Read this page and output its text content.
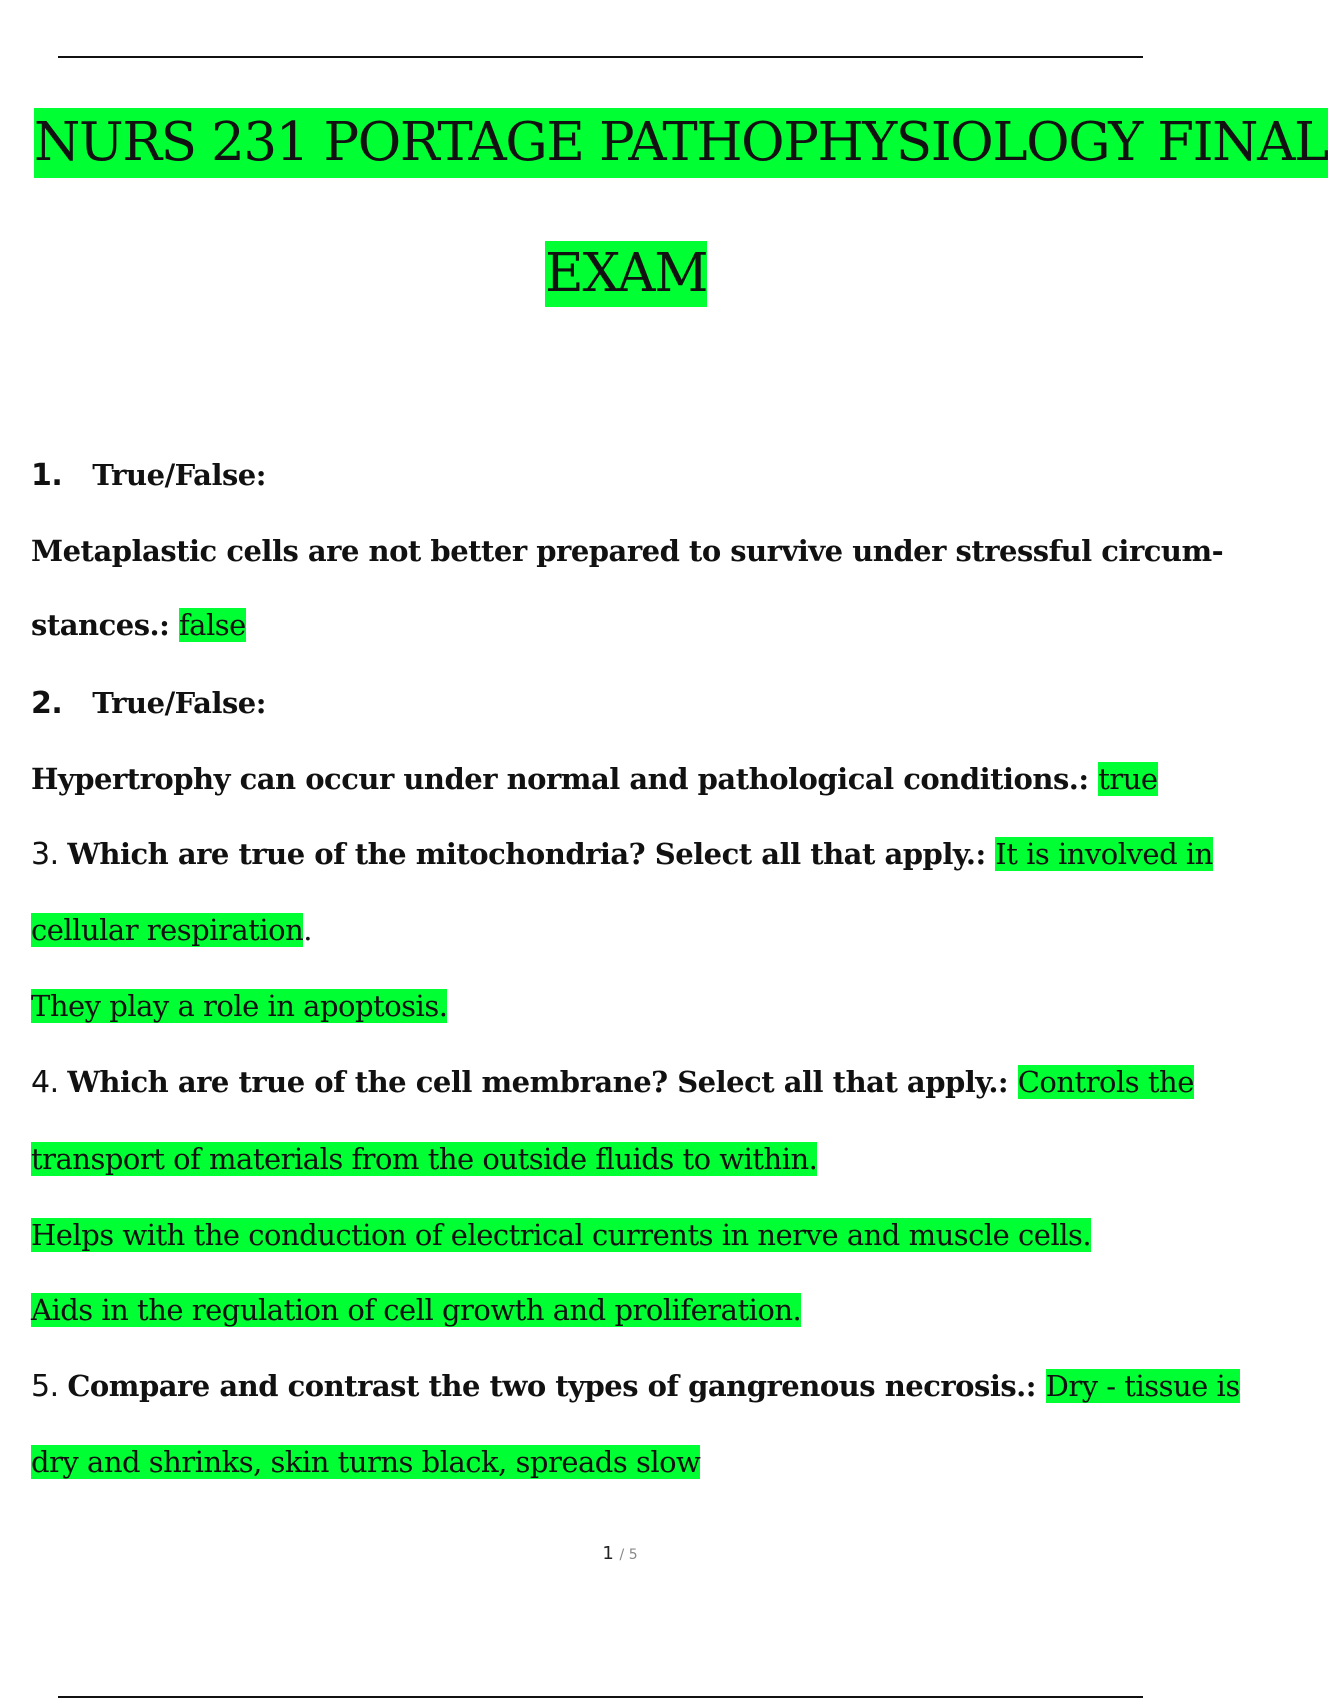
NURS 231 PORTAGE PATHOPHYSIOLOGY FINAL
EXAM
1. True/False:
Metaplastic cells are not better prepared to survive under stressful circum-
stances.: false
2. True/False:
Hypertrophy can occur under normal and pathological conditions.: true
3. Which are true of the mitochondria? Select all that apply.: It is involved in
cellular respiration.
They play a role in apoptosis.
4. Which are true of the cell membrane? Select all that apply.: Controls the
transport of materials from the outside fluids to within.
Helps with the conduction of electrical currents in nerve and muscle cells.
Aids in the regulation of cell growth and proliferation.
5. Compare and contrast the two types of gangrenous necrosis.: Dry - tissue is
dry and shrinks, skin turns black, spreads slow
1 / 5
